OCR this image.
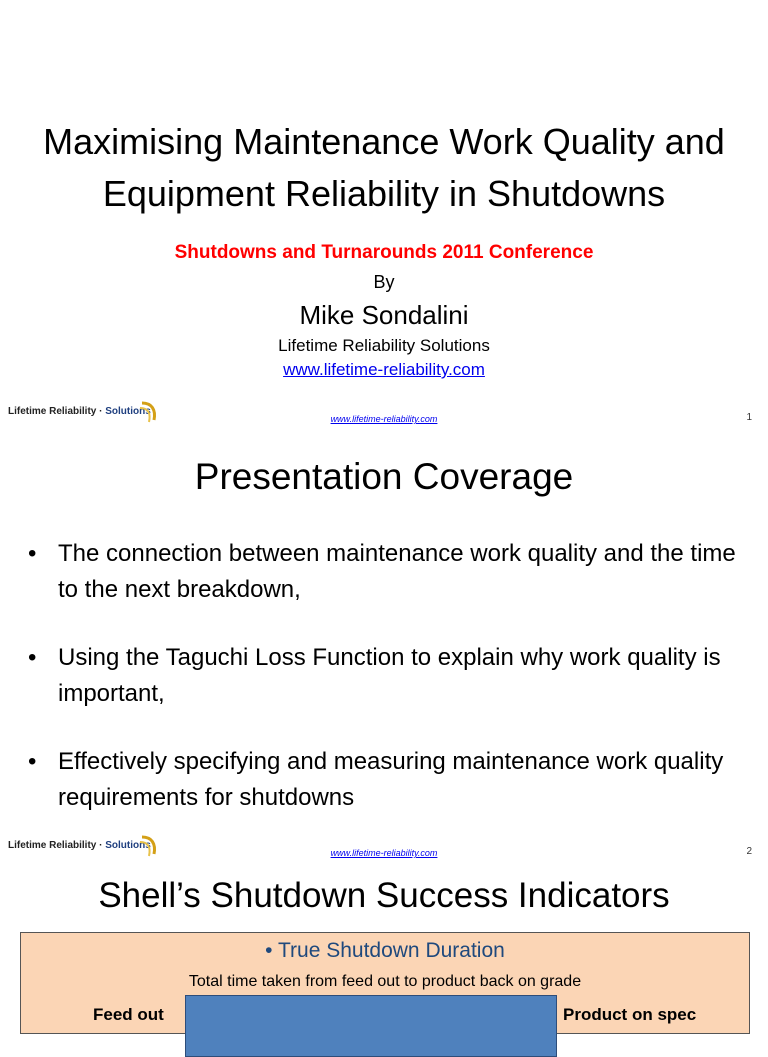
Maximising Maintenance Work Quality and Equipment Reliability in Shutdowns
Shutdowns and Turnarounds 2011 Conference
By
Mike Sondalini
Lifetime Reliability Solutions
www.lifetime-reliability.com
Lifetime Reliability · Solutions
www.lifetime-reliability.com	1
Presentation Coverage
• The connection between maintenance work quality and the time to the next breakdown,
• Using the Taguchi Loss Function to explain why work quality is important,
• Effectively specifying and measuring maintenance work quality requirements for shutdowns
Lifetime Reliability · Solutions
www.lifetime-reliability.com	2
Shell’s Shutdown Success Indicators
• True Shutdown Duration
Total time taken from feed out to product back on grade
Feed out	Product on spec
